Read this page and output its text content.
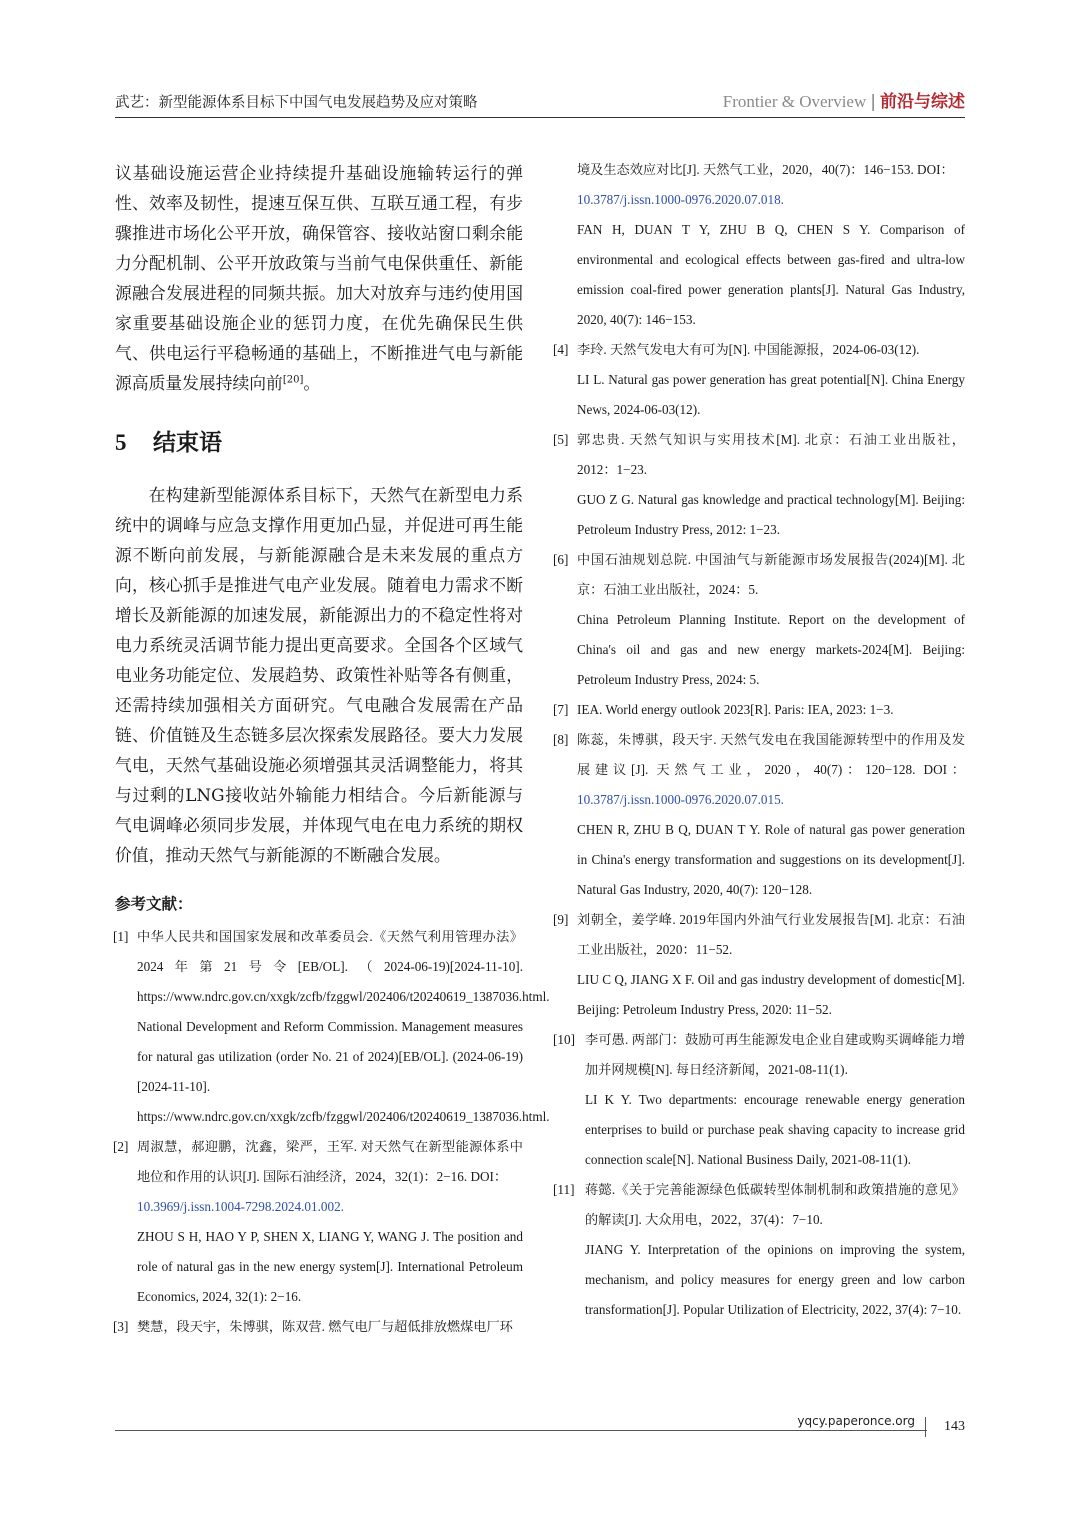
武艺：新型能源体系目标下中国气电发展趋势及应对策略	Frontier & Overview | 前沿与综述

议基础设施运营企业持续提升基础设施输转运行的弹性、效率及韧性，提速互保互供、互联互通工程，有步骤推进市场化公平开放，确保管容、接收站窗口剩余能力分配机制、公平开放政策与当前气电保供重任、新能源融合发展进程的同频共振。加大对放弃与违约使用国家重要基础设施企业的惩罚力度，在优先确保民生供气、供电运行平稳畅通的基础上，不断推进气电与新能源高质量发展持续向前[20]。

5 结束语

在构建新型能源体系目标下，天然气在新型电力系统中的调峰与应急支撑作用更加凸显，并促进可再生能源不断向前发展，与新能源融合是未来发展的重点方向，核心抓手是推进气电产业发展。随着电力需求不断增长及新能源的加速发展，新能源出力的不稳定性将对电力系统灵活调节能力提出更高要求。全国各个区域气电业务功能定位、发展趋势、政策性补贴等各有侧重，还需持续加强相关方面研究。气电融合发展需在产品链、价值链及生态链多层次探索发展路径。要大力发展气电，天然气基础设施必须增强其灵活调整能力，将其与过剩的LNG接收站外输能力相结合。今后新能源与气电调峰必须同步发展，并体现气电在电力系统的期权价值，推动天然气与新能源的不断融合发展。

参考文献：
[1] 中华人民共和国国家发展和改革委员会.《天然气利用管理办法》2024年第21号令[EB/OL].（2024-06-19)[2024-11-10]. https://www.ndrc.gov.cn/xxgk/zcfb/fzggwl/202406/t20240619_1387036.html.

National Development and Reform Commission. Management measures for natural gas utilization (order No. 21 of 2024)[EB/OL]. (2024-06-19)[2024-11-10]. https://www.ndrc.gov.cn/xxgk/zcfb/fzggwl/202406/t20240619_1387036.html.

[2] 周淑慧，郝迎鹏，沈鑫，梁严，王军. 对天然气在新型能源体系中地位和作用的认识[J]. 国际石油经济，2024，32(1)：2−16. DOI：
10.3969/j.issn.1004-7298.2024.01.002.

ZHOU S H, HAO Y P, SHEN X, LIANG Y, WANG J. The position and role of natural gas in the new energy system[J]. International Petroleum Economics, 2024, 32(1): 2−16.

[3] 樊慧，段天宇，朱博骐，陈双营. 燃气电厂与超低排放燃煤电厂环

境及生态效应对比[J]. 天然气工业，2020，40(7)：146−153. DOI：
10.3787/j.issn.1000-0976.2020.07.018.

FAN H, DUAN T Y, ZHU B Q, CHEN S Y. Comparison of environmental and ecological effects between gas-fired and ultra-low emission coal-fired power generation plants[J]. Natural Gas Industry, 2020, 40(7): 146−153.

[4] 李玲. 天然气发电大有可为[N]. 中国能源报，2024-06-03(12).

LI L. Natural gas power generation has great potential[N]. China Energy News, 2024-06-03(12).

[5] 郭忠贵. 天然气知识与实用技术[M]. 北京：石油工业出版社，2012：1−23.

GUO Z G. Natural gas knowledge and practical technology[M]. Beijing: Petroleum Industry Press, 2012: 1−23.

[6] 中国石油规划总院. 中国油气与新能源市场发展报告(2024)[M]. 北京：石油工业出版社，2024：5.

China Petroleum Planning Institute. Report on the development of China's oil and gas and new energy markets-2024[M]. Beijing: Petroleum Industry Press, 2024: 5.

[7] IEA. World energy outlook 2023[R]. Paris: IEA, 2023: 1−3.

[8] 陈蕊，朱博骐，段天宇. 天然气发电在我国能源转型中的作用及发展建议[J]. 天然气工业，2020，40(7)：120−128. DOI：10.3787/j.issn.1000-0976.2020.07.015.

CHEN R, ZHU B Q, DUAN T Y. Role of natural gas power generation in China's energy transformation and suggestions on its development[J]. Natural Gas Industry, 2020, 40(7): 120−128.

[9] 刘朝全，姜学峰. 2019年国内外油气行业发展报告[M]. 北京：石油工业出版社，2020：11−52.

LIU C Q, JIANG X F. Oil and gas industry development of domestic[M]. Beijing: Petroleum Industry Press, 2020: 11−52.

[10] 李可愚. 两部门：鼓励可再生能源发电企业自建或购买调峰能力增加并网规模[N]. 每日经济新闻，2021-08-11(1).

LI K Y. Two departments: encourage renewable energy generation enterprises to build or purchase peak shaving capacity to increase grid connection scale[N]. National Business Daily, 2021-08-11(1).

[11] 蒋懿.《关于完善能源绿色低碳转型体制机制和政策措施的意见》的解读[J]. 大众用电，2022，37(4)：7−10.

JIANG Y. Interpretation of the opinions on improving the system, mechanism, and policy measures for energy green and low carbon transformation[J]. Popular Utilization of Electricity, 2022, 37(4): 7−10.

yqcy.paperonce.org	143
